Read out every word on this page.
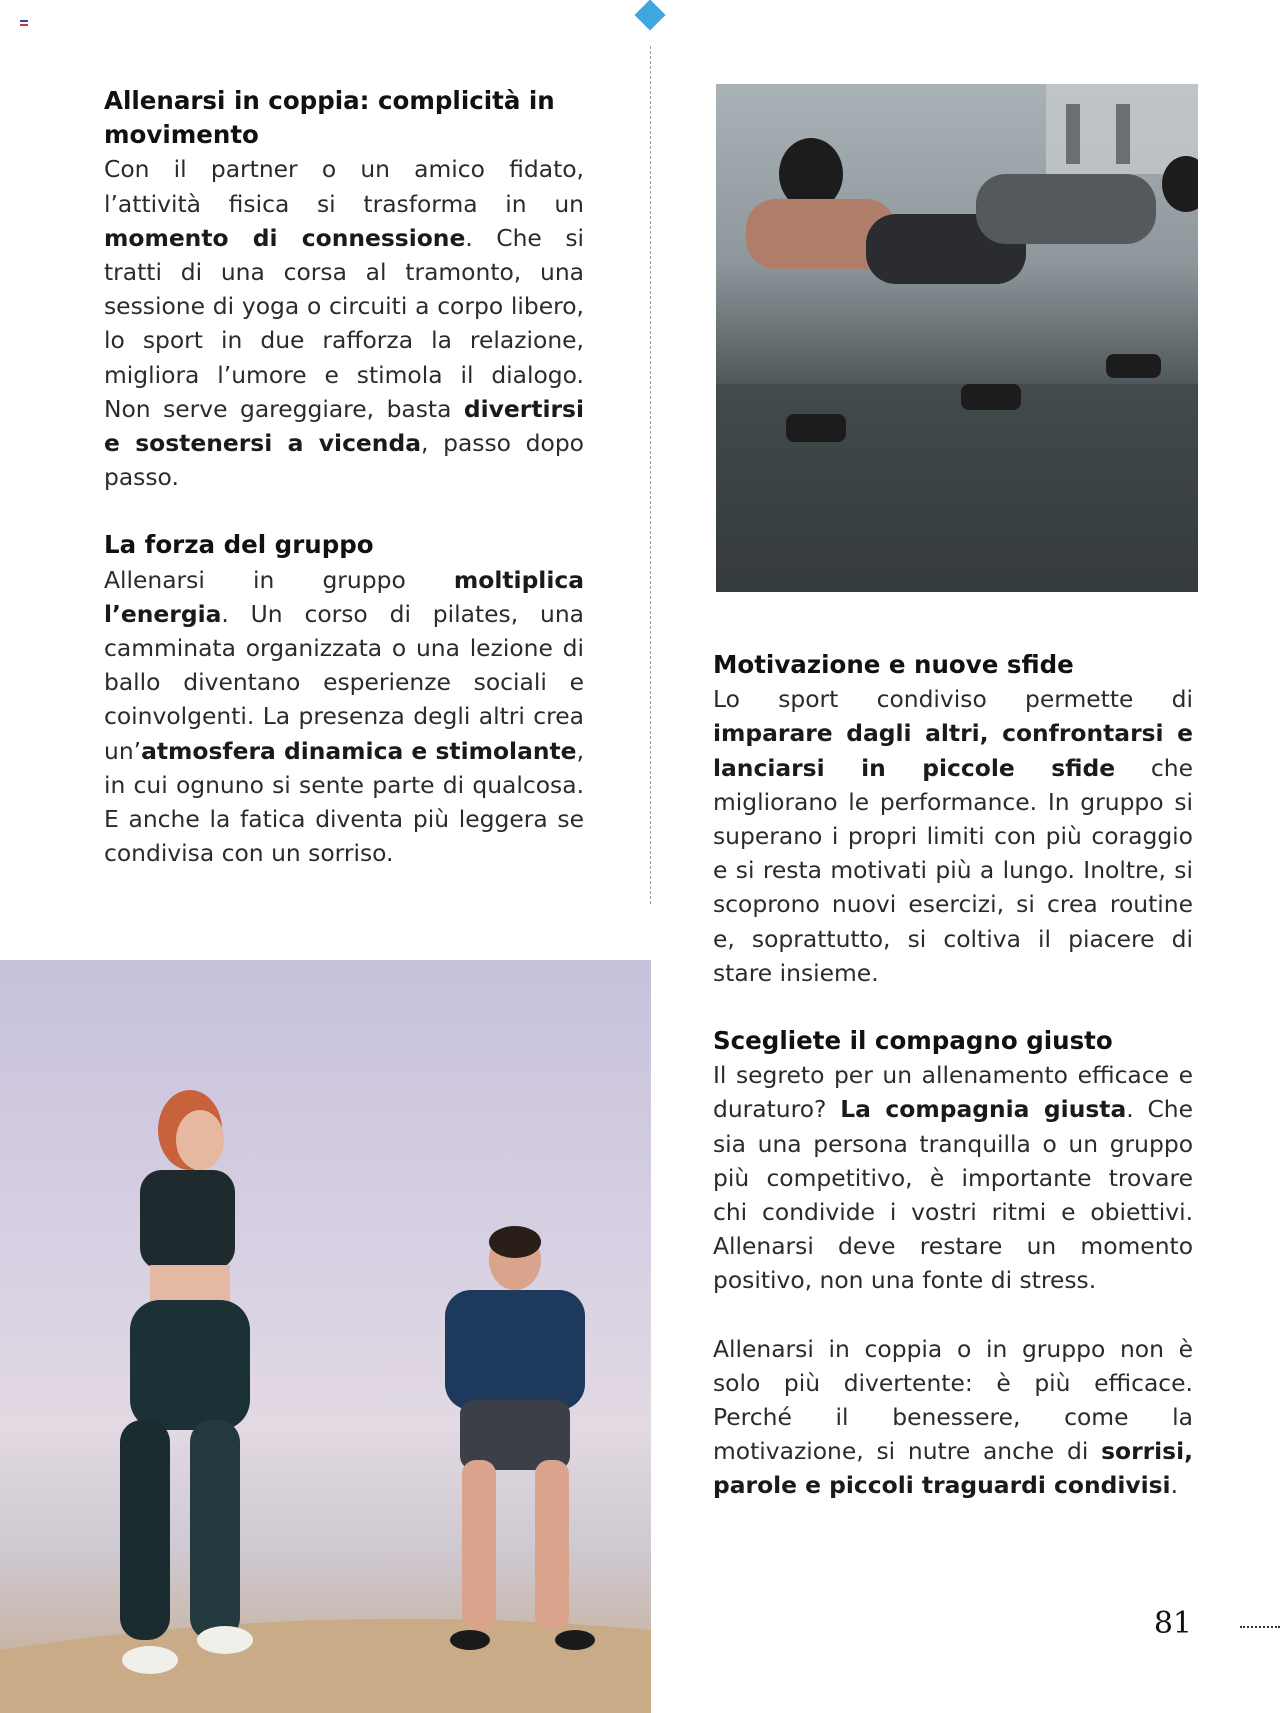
Allenarsi in coppia: complicità in movimento

Con il partner o un amico fidato, l’attività fisica si trasforma in un momento di connessione. Che si tratti di una corsa al tramonto, una sessione di yoga o circuiti a corpo libero, lo sport in due rafforza la relazione, migliora l’umore e stimola il dialogo. Non serve gareggiare, basta divertirsi e sostenersi a vicenda, passo dopo passo.

La forza del gruppo

Allenarsi in gruppo moltiplica l’energia. Un corso di pilates, una camminata organizzata o una lezione di ballo diventano esperienze sociali e coinvolgenti. La presenza degli altri crea un’atmosfera dinamica e stimolante, in cui ognuno si sente parte di qualcosa. E anche la fatica diventa più leggera se condivisa con un sorriso.

Motivazione e nuove sfide

Lo sport condiviso permette di imparare dagli altri, confrontarsi e lanciarsi in piccole sfide che migliorano le performance. In gruppo si superano i propri limiti con più coraggio e si resta motivati più a lungo. Inoltre, si scoprono nuovi esercizi, si crea routine e, soprattutto, si coltiva il piacere di stare insieme.

Scegliete il compagno giusto

Il segreto per un allenamento efficace e duraturo? La compagnia giusta. Che sia una persona tranquilla o un gruppo più competitivo, è importante trovare chi condivide i vostri ritmi e obiettivi. Allenarsi deve restare un momento positivo, non una fonte di stress.

Allenarsi in coppia o in gruppo non è solo più divertente: è più efficace. Perché il benessere, come la motivazione, si nutre anche di sorrisi, parole e piccoli traguardi condivisi.

81
